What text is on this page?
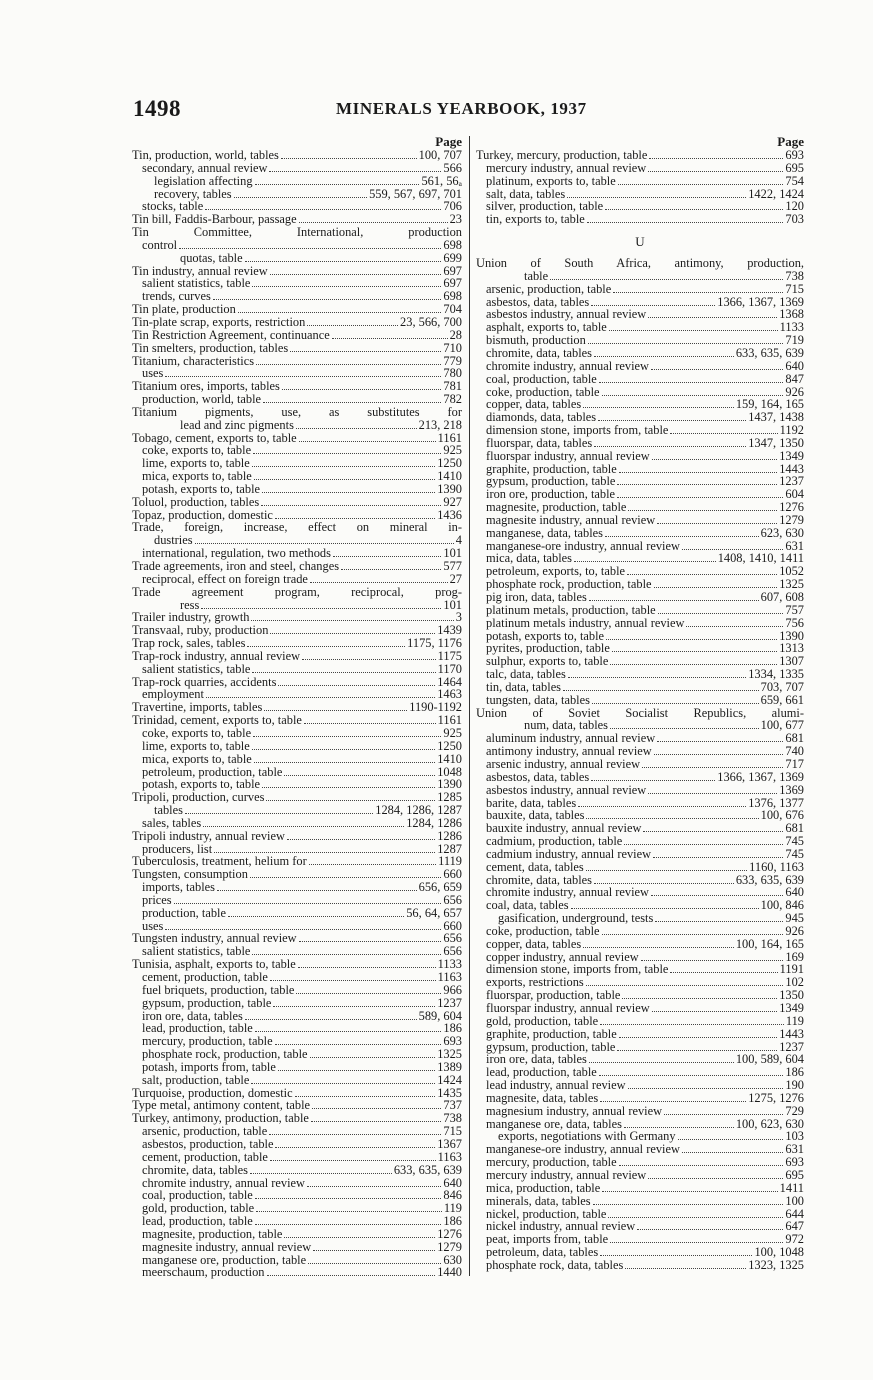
1498	MINERALS YEARBOOK, 1937
Page
Tin, production, world, tables	100, 707
secondary, annual review	566
legislation affecting	561, 56ₐ
recovery, tables	559, 567, 697, 701
stocks, table	706
Tin bill, Faddis-Barbour, passage	23
Tin Committee, International, production
control	698
quotas, table	699
Tin industry, annual review	697
salient statistics, table	697
trends, curves	698
Tin plate, production	704
Tin-plate scrap, exports, restriction	23, 566, 700
Tin Restriction Agreement, continuance	28
Tin smelters, production, tables	710
Titanium, characteristics	779
uses	780
Titanium ores, imports, tables	781
production, world, table	782
Titanium pigments, use, as substitutes for
lead and zinc pigments	213, 218
Tobago, cement, exports to, table	1161
coke, exports to, table	925
lime, exports to, table	1250
mica, exports to, table	1410
potash, exports to, table	1390
Toluol, production, tables	927
Topaz, production, domestic	1436
Trade, foreign, increase, effect on mineral in-
dustries	4
international, regulation, two methods	101
Trade agreements, iron and steel, changes	577
reciprocal, effect on foreign trade	27
Trade agreement program, reciprocal, prog-
ress	101
Trailer industry, growth	3
Transvaal, ruby, production	1439
Trap rock, sales, tables	1175, 1176
Trap-rock industry, annual review	1175
salient statistics, table	1170
Trap-rock quarries, accidents	1464
employment	1463
Travertine, imports, tables	1190-1192
Trinidad, cement, exports to, table	1161
coke, exports to, table	925
lime, exports to, table	1250
mica, exports to, table	1410
petroleum, production, table	1048
potash, exports to, table	1390
Tripoli, production, curves	1285
tables	1284, 1286, 1287
sales, tables	1284, 1286
Tripoli industry, annual review	1286
producers, list	1287
Tuberculosis, treatment, helium for	1119
Tungsten, consumption	660
imports, tables	656, 659
prices	656
production, table	56, 64, 657
uses	660
Tungsten industry, annual review	656
salient statistics, table	656
Tunisia, asphalt, exports to, table	1133
cement, production, table	1163
fuel briquets, production, table	966
gypsum, production, table	1237
iron ore, data, tables	589, 604
lead, production, table	186
mercury, production, table	693
phosphate rock, production, table	1325
potash, imports from, table	1389
salt, production, table	1424
Turquoise, production, domestic	1435
Type metal, antimony content, table	737
Turkey, antimony, production, table	738
arsenic, production, table	715
asbestos, production, table	1367
cement, production, table	1163
chromite, data, tables	633, 635, 639
chromite industry, annual review	640
coal, production, table	846
gold, production, table	119
lead, production, table	186
magnesite, production, table	1276
magnesite industry, annual review	1279
manganese ore, production, table	630
meerschaum, production	1440
Page
Turkey, mercury, production, table	693
mercury industry, annual review	695
platinum, exports to, table	754
salt, data, tables	1422, 1424
silver, production, table	120
tin, exports to, table	703
U
Union of South Africa, antimony, production,
table	738
arsenic, production, table	715
asbestos, data, tables	1366, 1367, 1369
asbestos industry, annual review	1368
asphalt, exports to, table	1133
bismuth, production	719
chromite, data, tables	633, 635, 639
chromite industry, annual review	640
coal, production, table	847
coke, production, table	926
copper, data, tables	159, 164, 165
diamonds, data, tables	1437, 1438
dimension stone, imports from, table	1192
fluorspar, data, tables	1347, 1350
fluorspar industry, annual review	1349
graphite, production, table	1443
gypsum, production, table	1237
iron ore, production, table	604
magnesite, production, table	1276
magnesite industry, annual review	1279
manganese, data, tables	623, 630
manganese-ore industry, annual review	631
mica, data, tables	1408, 1410, 1411
petroleum, exports, to, table	1052
phosphate rock, production, table	1325
pig iron, data, tables	607, 608
platinum metals, production, table	757
platinum metals industry, annual review	756
potash, exports to, table	1390
pyrites, production, table	1313
sulphur, exports to, table	1307
talc, data, tables	1334, 1335
tin, data, tables	703, 707
tungsten, data, tables	659, 661
Union of Soviet Socialist Republics, alumi-
num, data, tables	100, 677
aluminum industry, annual review	681
antimony industry, annual review	740
arsenic industry, annual review	717
asbestos, data, tables	1366, 1367, 1369
asbestos industry, annual review	1369
barite, data, tables	1376, 1377
bauxite, data, tables	100, 676
bauxite industry, annual review	681
cadmium, production, table	745
cadmium industry, annual review	745
cement, data, tables	1160, 1163
chromite, data, tables	633, 635, 639
chromite industry, annual review	640
coal, data, tables	100, 846
gasification, underground, tests	945
coke, production, table	926
copper, data, tables	100, 164, 165
copper industry, annual review	169
dimension stone, imports from, table	1191
exports, restrictions	102
fluorspar, production, table	1350
fluorspar industry, annual review	1349
gold, production, table	119
graphite, production, table	1443
gypsum, production, table	1237
iron ore, data, tables	100, 589, 604
lead, production, table	186
lead industry, annual review	190
magnesite, data, tables	1275, 1276
magnesium industry, annual review	729
manganese ore, data, tables	100, 623, 630
exports, negotiations with Germany	103
manganese-ore industry, annual review	631
mercury, production, table	693
mercury industry, annual review	695
mica, production, table	1411
minerals, data, tables	100
nickel, production, table	644
nickel industry, annual review	647
peat, imports from, table	972
petroleum, data, tables	100, 1048
phosphate rock, data, tables	1323, 1325
